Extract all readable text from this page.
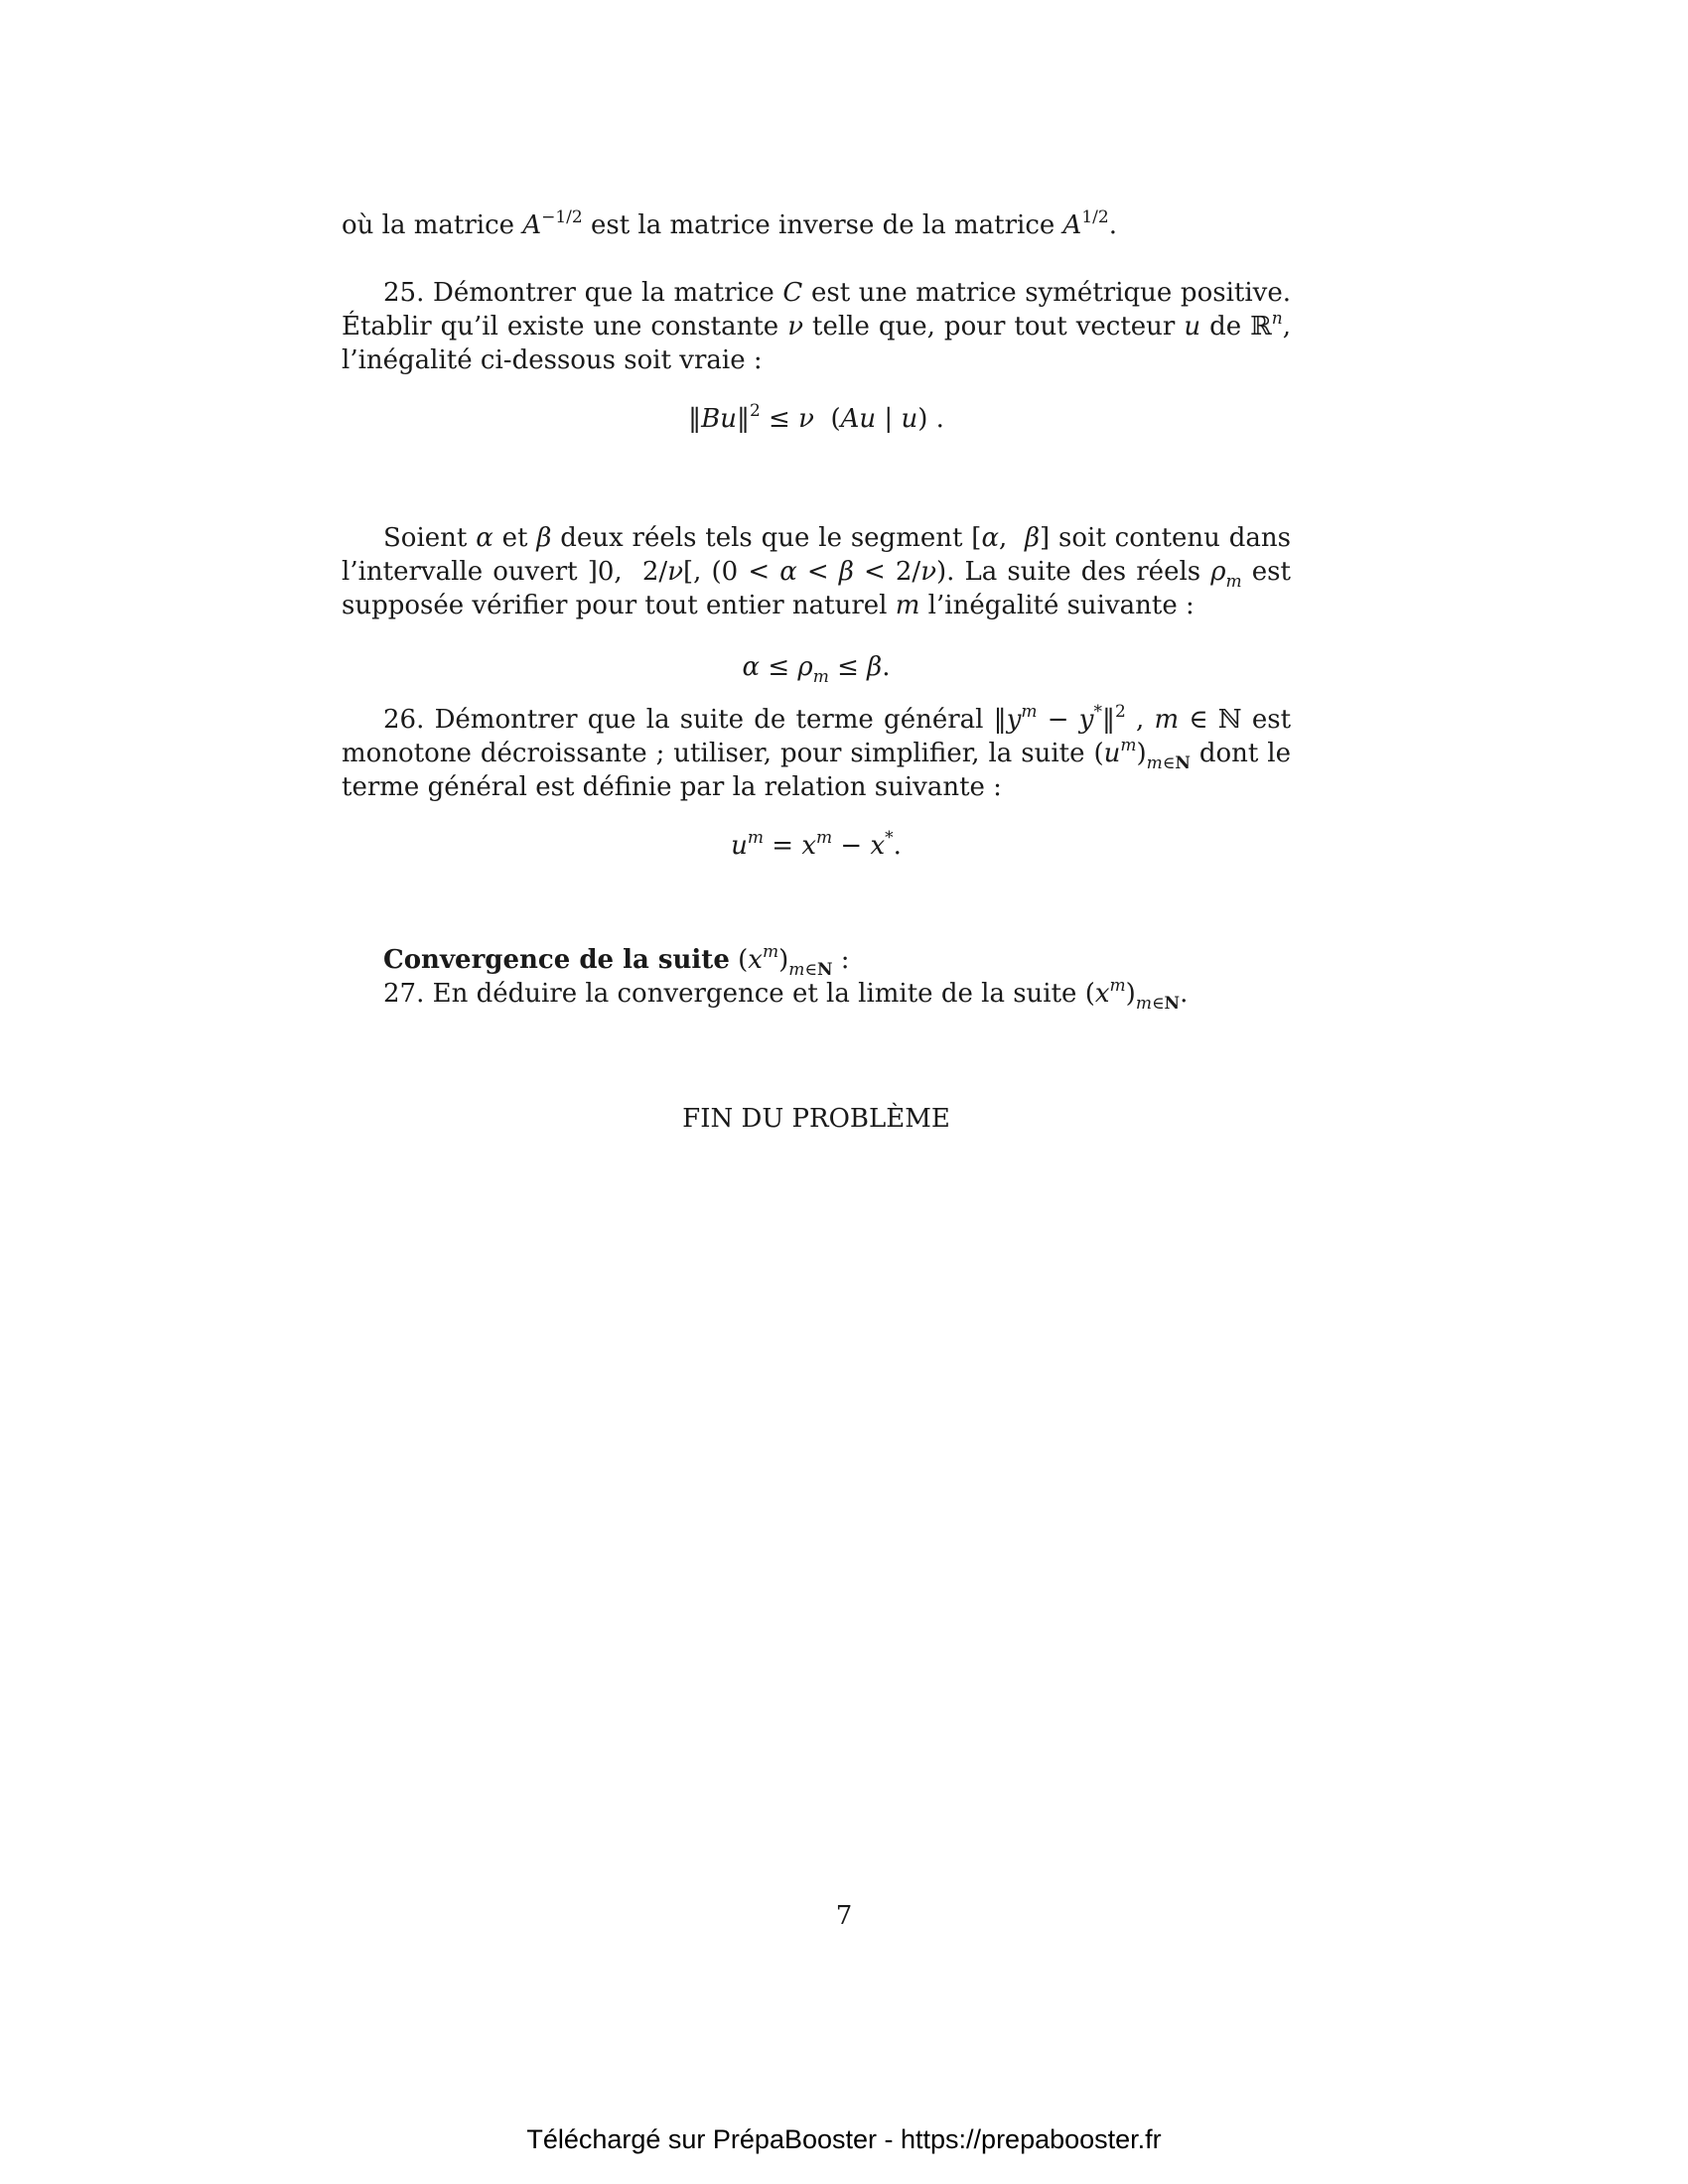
où la matrice $A^{-1/2}$ est la matrice inverse de la matrice $A^{1/2}$.
25. Démontrer que la matrice C est une matrice symétrique positive. Établir qu’il existe une constante ν telle que, pour tout vecteur u de ℝ$^n$, l’inégalité ci-dessous soit vraie :
‖Bu‖$^2$ ≤ ν  (Au | u) .
Soient α et β deux réels tels que le segment [α,  β] soit contenu dans l’intervalle ouvert ]0,  2/ν[, (0 < α < β < 2/ν). La suite des réels $\rho_m$ est supposée vérifier pour tout entier naturel m l’inégalité suivante :
$\alpha \le \rho_m \le \beta$.
26. Démontrer que la suite de terme général $‖y^m$ − y*‖$^2$ , m ∈ ℕ est monotone décroissante ; utiliser, pour simplifier, la suite $(u^m)_{m\in N}$ dont le terme général est définie par la relation suivante :
$u^m = x^m - x^*$.
Convergence de la suite $(x^m)_{m\in N}$ :
27. En déduire la convergence et la limite de la suite $(x^m)_{m\in N}$.
FIN DU PROBLÈME
7
Téléchargé sur PrépaBooster - https://prepabooster.fr
